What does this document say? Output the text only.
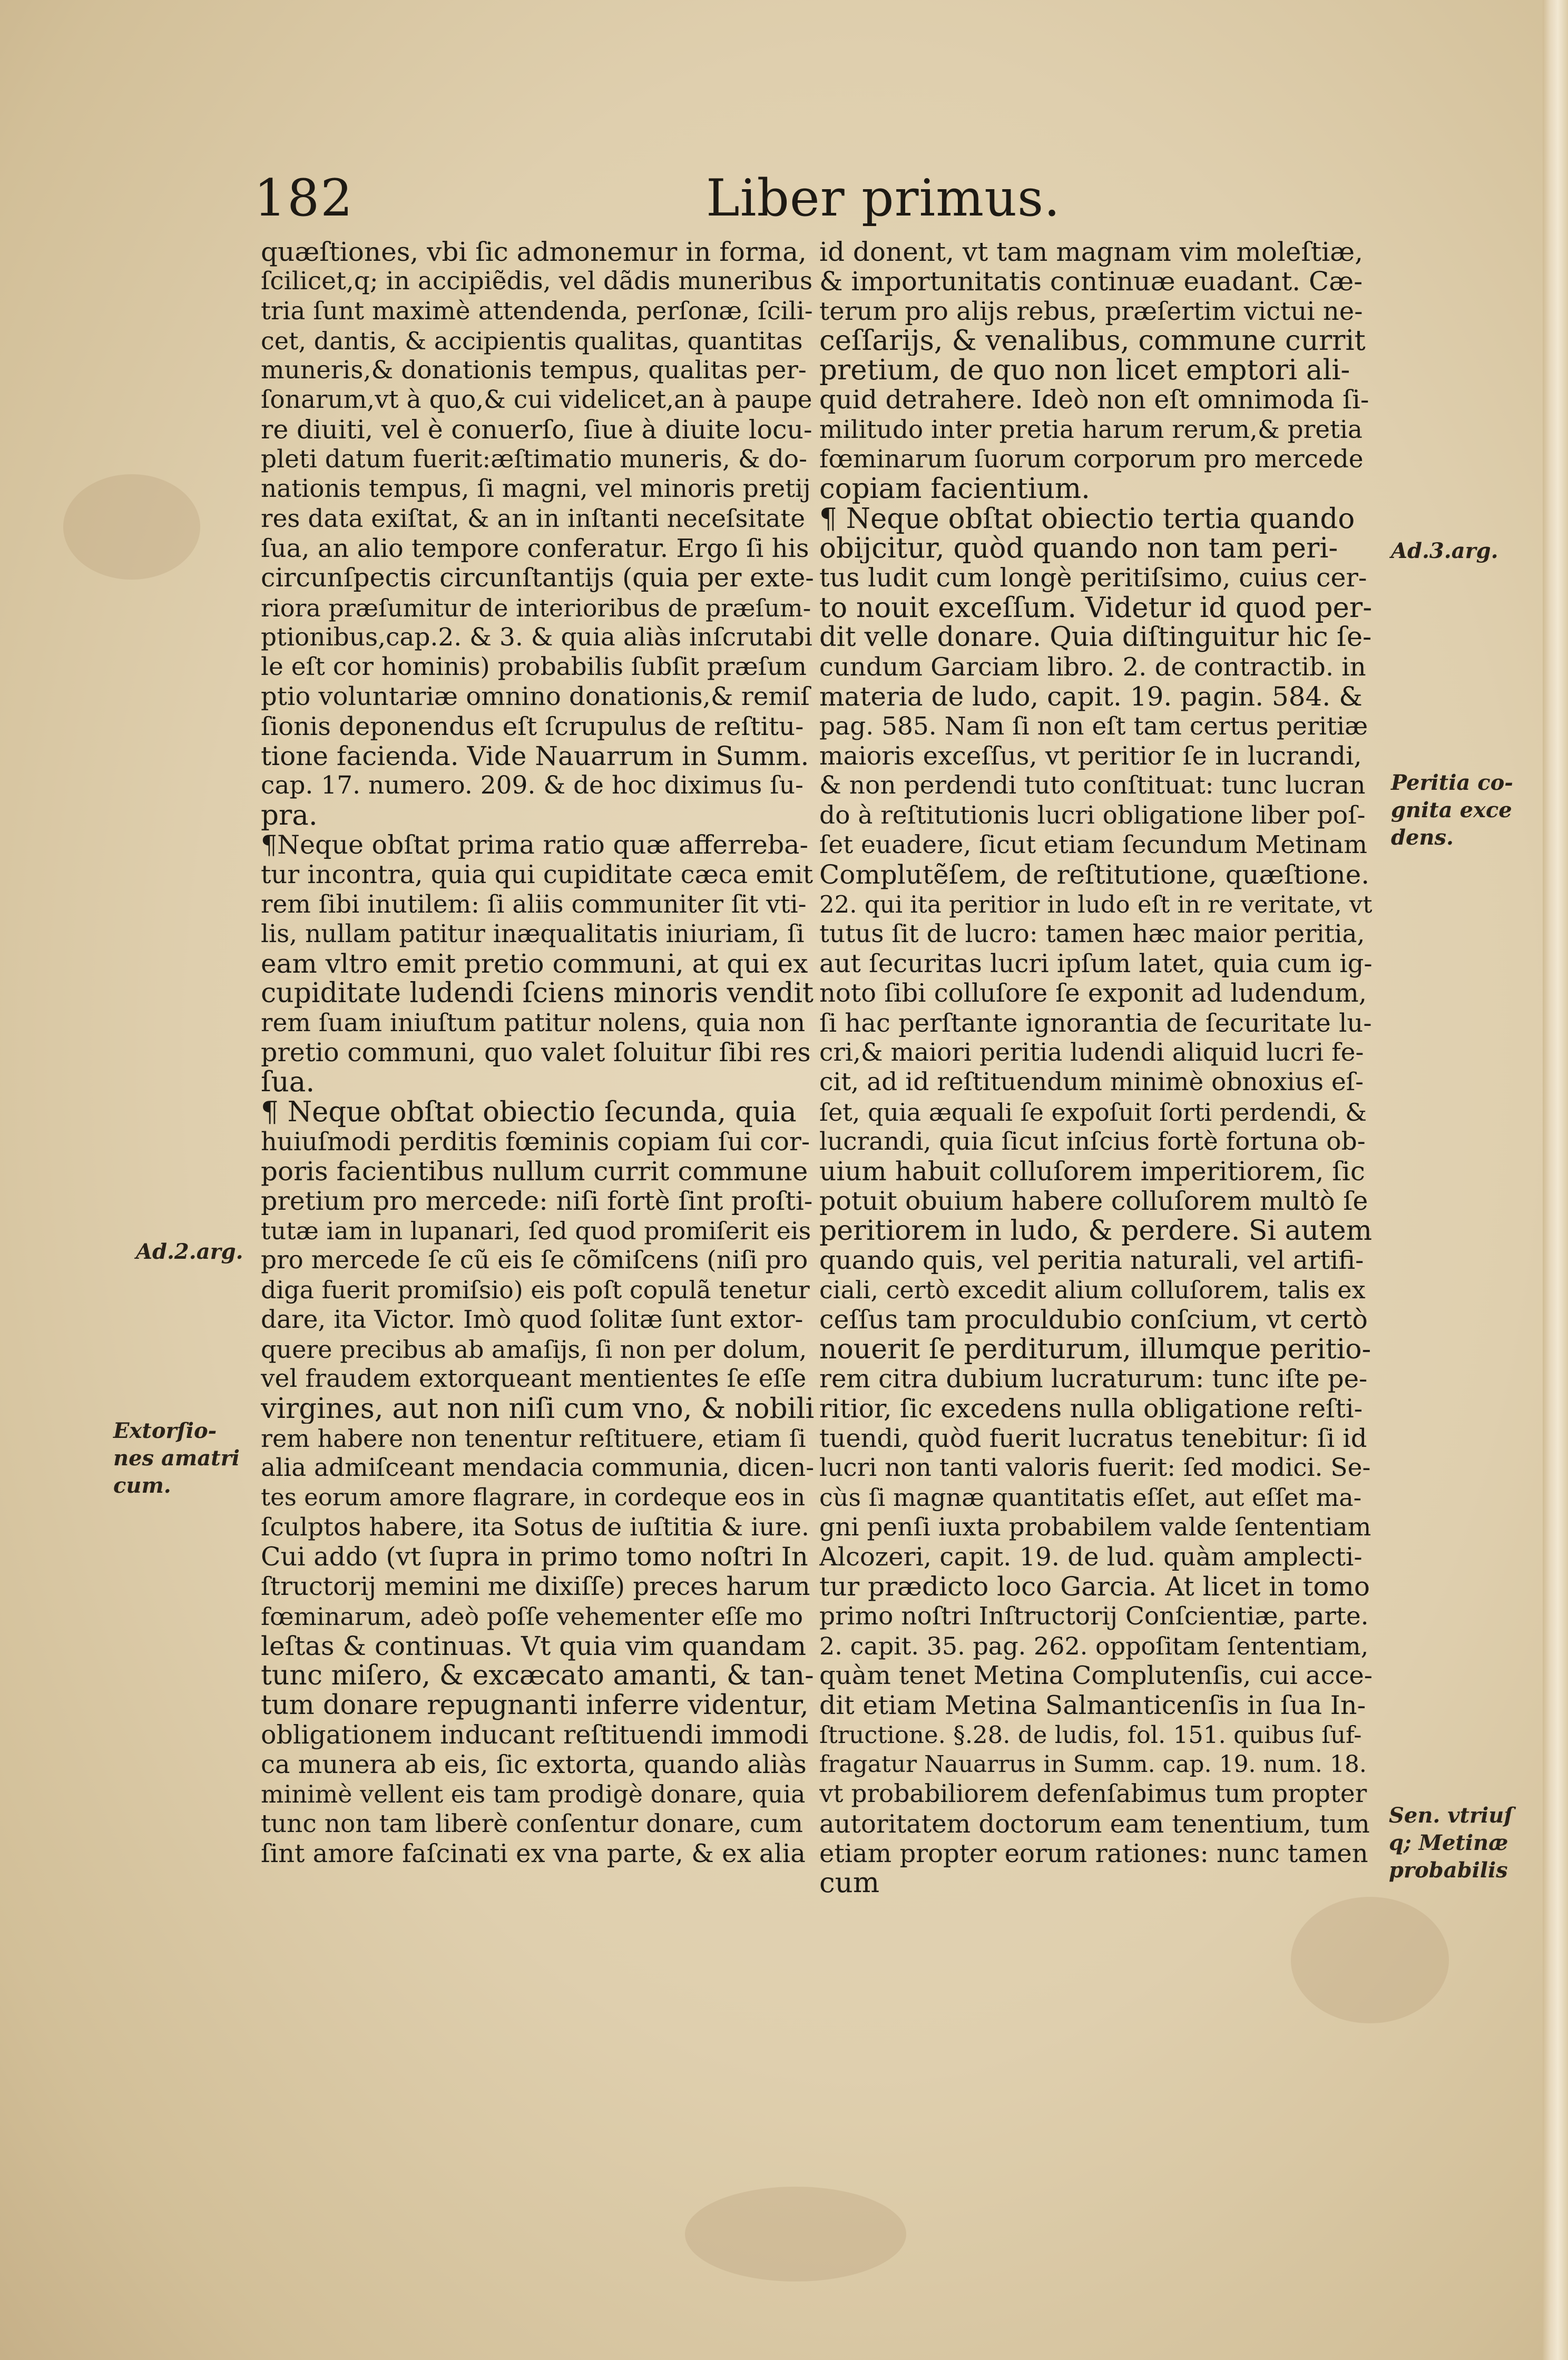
182	Liber primus.
quæſtiones, vbi ſic admonemur in forma,
ſcilicet,q; in accipiẽdis, vel dãdis muneribus
tria ſunt maximè attendenda, perſonæ, ſcili-
cet, dantis, & accipientis qualitas, quantitas
muneris,& donationis tempus, qualitas per-
ſonarum,vt à quo,& cui videlicet,an à paupe
re diuiti, vel è conuerſo, ſiue à diuite locu-
pleti datum fuerit:æſtimatio muneris, & do-
nationis tempus, ſi magni, vel minoris pretij
res data exiſtat, & an in inſtanti neceſsitate
ſua, an alio tempore conferatur. Ergo ſi his
circunſpectis circunſtantijs (quia per exte-
riora præſumitur de interioribus de præſum-
ptionibus,cap.2. & 3. & quia aliàs inſcrutabi
le eſt cor hominis) probabilis ſubſit præſum
ptio voluntariæ omnino donationis,& remiſ
ſionis deponendus eſt ſcrupulus de reſtitu-
tione facienda. Vide Nauarrum in Summ.
cap. 17. numero. 209. & de hoc diximus ſu-
pra.
¶Neque obſtat prima ratio quæ afferreba-
tur incontra, quia qui cupiditate cæca emit
rem ſibi inutilem: ſi aliis communiter ſit vti-
lis, nullam patitur inæqualitatis iniuriam, ſi
eam vltro emit pretio communi, at qui ex
cupiditate ludendi ſciens minoris vendit
rem ſuam iniuſtum patitur nolens, quia non
pretio communi, quo valet ſoluitur ſibi res
ſua.
¶ Neque obſtat obiectio ſecunda, quia
huiuſmodi perditis fœminis copiam ſui cor-
poris facientibus nullum currit commune
pretium pro mercede: niſi fortè ſint proſti-
tutæ iam in lupanari, ſed quod promiſerit eis
pro mercede ſe cũ eis ſe cõmiſcens (niſi pro
diga fuerit promiſsio) eis poſt copulã tenetur
dare, ita Victor. Imò quod ſolitæ ſunt extor-
quere precibus ab amaſijs, ſi non per dolum,
vel fraudem extorqueant mentientes ſe eſſe
virgines, aut non niſi cum vno, & nobili
rem habere non tenentur reſtituere, etiam ſi
alia admiſceant mendacia communia, dicen-
tes eorum amore flagrare, in cordeque eos in
ſculptos habere, ita Sotus de iuſtitia & iure.
Cui addo (vt ſupra in primo tomo noſtri In
ſtructorij memini me dixiſſe) preces harum
fœminarum, adeò poſſe vehementer eſſe mo
leſtas & continuas. Vt quia vim quandam
tunc miſero, & excæcato amanti, & tan-
tum donare repugnanti inferre videntur,
obligationem inducant reſtituendi immodi
ca munera ab eis, ſic extorta, quando aliàs
minimè vellent eis tam prodigè donare, quia
tunc non tam liberè conſentur donare, cum
ſint amore faſcinati ex vna parte, & ex alia
id donent, vt tam magnam vim moleſtiæ,
& importunitatis continuæ euadant. Cæ-
terum pro alijs rebus, præſertim victui ne-
ceſſarijs, & venalibus, commune currit
pretium, de quo non licet emptori ali-
quid detrahere. Ideò non eſt omnimoda ſi-
militudo inter pretia harum rerum,& pretia
fœminarum ſuorum corporum pro mercede
copiam facientium.
¶ Neque obſtat obiectio tertia quando
obijcitur, quòd quando non tam peri-
tus ludit cum longè peritiſsimo, cuius cer-
to nouit exceſſum. Videtur id quod per-
dit velle donare. Quia diſtinguitur hic ſe-
cundum Garciam libro. 2. de contractib. in
materia de ludo, capit. 19. pagin. 584. &
pag. 585. Nam ſi non eſt tam certus peritiæ
maioris exceſſus, vt peritior ſe in lucrandi,
& non perdendi tuto conſtituat: tunc lucran
do à reſtitutionis lucri obligatione liber poſ-
ſet euadere, ſicut etiam ſecundum Metinam
Complutẽſem, de reſtitutione, quæſtione.
22. qui ita peritior in ludo eſt in re veritate, vt
tutus ſit de lucro: tamen hæc maior peritia,
aut ſecuritas lucri ipſum latet, quia cum ig-
noto ſibi colluſore ſe exponit ad ludendum,
ſi hac perſtante ignorantia de ſecuritate lu-
cri,& maiori peritia ludendi aliquid lucri fe-
cit, ad id reſtituendum minimè obnoxius eſ-
ſet, quia æquali ſe expoſuit ſorti perdendi, &
lucrandi, quia ſicut inſcius fortè fortuna ob-
uium habuit colluſorem imperitiorem, ſic
potuit obuium habere colluſorem multò ſe
peritiorem in ludo, & perdere. Si autem
quando quis, vel peritia naturali, vel artifi-
ciali, certò excedit alium colluſorem, talis ex
ceſſus tam proculdubio conſcium, vt certò
nouerit ſe perditurum, illumque peritio-
rem citra dubium lucraturum: tunc iſte pe-
ritior, ſic excedens nulla obligatione reſti-
tuendi, quòd fuerit lucratus tenebitur: ſi id
lucri non tanti valoris fuerit: ſed modici. Se-
cùs ſi magnæ quantitatis eſſet, aut eſſet ma-
gni penſi iuxta probabilem valde ſententiam
Alcozeri, capit. 19. de lud. quàm amplecti-
tur prædicto loco Garcia. At licet in tomo
primo noſtri Inſtructorij Conſcientiæ, parte.
2. capit. 35. pag. 262. oppoſitam ſententiam,
quàm tenet Metina Complutenſis, cui acce-
dit etiam Metina Salmanticenſis in ſua In-
ſtructione. §.28. de ludis, fol. 151. quibus ſuf-
fragatur Nauarrus in Summ. cap. 19. num. 18.
vt probabiliorem defenſabimus tum propter
autoritatem doctorum eam tenentium, tum
etiam propter eorum rationes: nunc tamen
cum
Ad.3.arg.
Peritia co-
gnita exce
dens.
Ad.2.arg.
Extorſio-
nes amatri
cum.
Sen. vtriuſ
q; Metinæ
probabilis
